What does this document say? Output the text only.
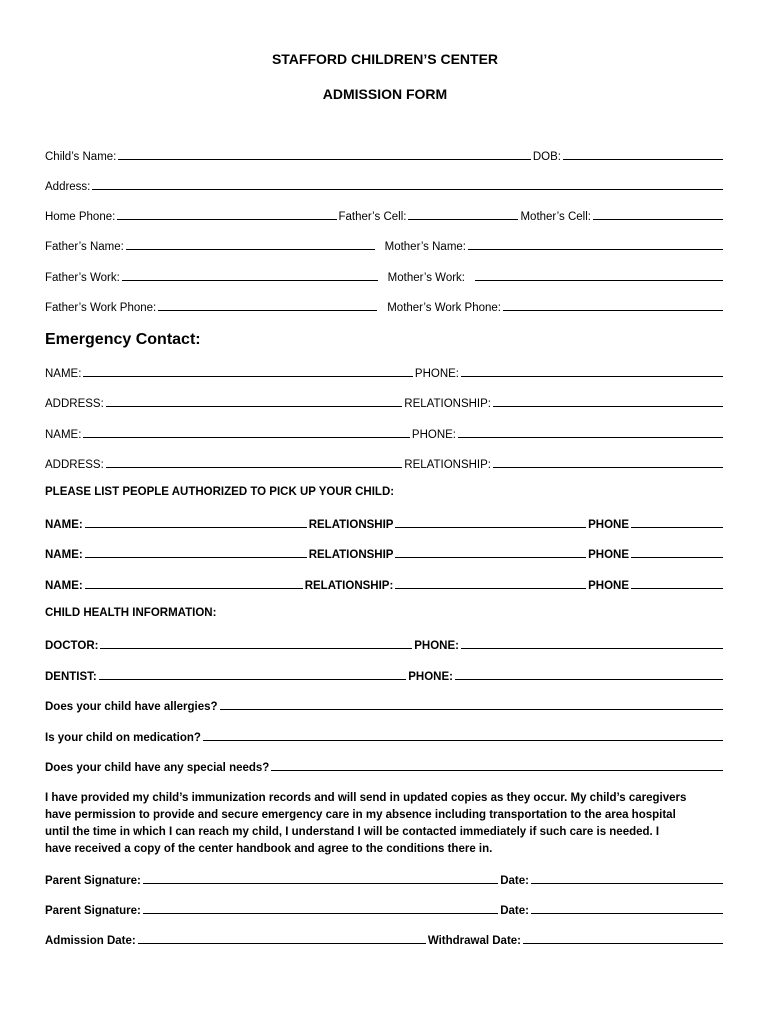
STAFFORD CHILDREN’S CENTER
ADMISSION FORM
Child’s Name:	DOB:
Address:
Home Phone:	Father’s Cell:	Mother’s Cell:
Father’s Name:	Mother’s Name:
Father’s Work:	Mother’s Work:
Father’s Work Phone:	Mother’s Work Phone:
Emergency Contact:
NAME:	PHONE:
ADDRESS:	RELATIONSHIP:
NAME:	PHONE:
ADDRESS:	RELATIONSHIP:
PLEASE LIST PEOPLE AUTHORIZED TO PICK UP YOUR CHILD:
NAME:	RELATIONSHIP	PHONE
NAME:	RELATIONSHIP	PHONE
NAME:	RELATIONSHIP:	PHONE
CHILD HEALTH INFORMATION:
DOCTOR:	PHONE:
DENTIST:	PHONE:
Does your child have allergies?
Is your child on medication?
Does your child have any special needs?
I have provided my child’s immunization records and will send in updated copies as they occur. My child’s caregivers
have permission to provide and secure emergency care in my absence including transportation to the area hospital
until the time in which I can reach my child, I understand I will be contacted immediately if such care is needed. I
have received a copy of the center handbook and agree to the conditions there in.
Parent Signature:	Date:
Parent Signature:	Date:
Admission Date:	Withdrawal Date:
